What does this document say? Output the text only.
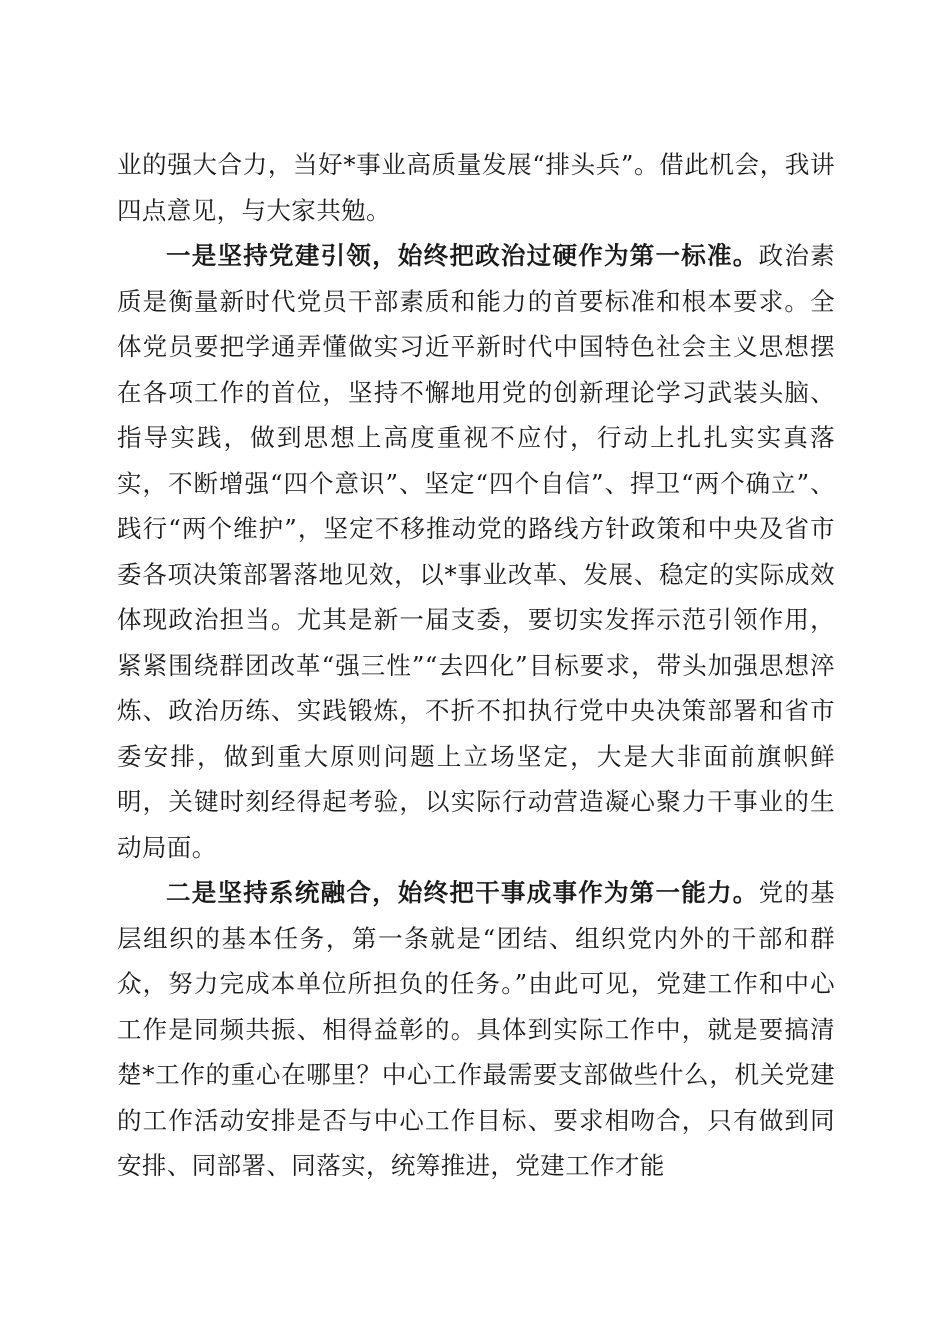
业的强大合力，当好*事业高质量发展“排头兵”。借此机会，我讲四点意见，与大家共勉。

一是坚持党建引领，始终把政治过硬作为第一标准。政治素质是衡量新时代党员干部素质和能力的首要标准和根本要求。全体党员要把学通弄懂做实习近平新时代中国特色社会主义思想摆在各项工作的首位，坚持不懈地用党的创新理论学习武装头脑、指导实践，做到思想上高度重视不应付，行动上扎扎实实真落实，不断增强“四个意识”、坚定“四个自信”、捍卫“两个确立”、践行“两个维护”，坚定不移推动党的路线方针政策和中央及省市委各项决策部署落地见效，以*事业改革、发展、稳定的实际成效体现政治担当。尤其是新一届支委，要切实发挥示范引领作用，紧紧围绕群团改革“强三性”“去四化”目标要求，带头加强思想淬炼、政治历练、实践锻炼，不折不扣执行党中央决策部署和省市委安排，做到重大原则问题上立场坚定，大是大非面前旗帜鲜明，关键时刻经得起考验，以实际行动营造凝心聚力干事业的生动局面。

二是坚持系统融合，始终把干事成事作为第一能力。党的基层组织的基本任务，第一条就是“团结、组织党内外的干部和群众，努力完成本单位所担负的任务。”由此可见，党建工作和中心工作是同频共振、相得益彰的。具体到实际工作中，就是要搞清楚*工作的重心在哪里？中心工作最需要支部做些什么，机关党建的工作活动安排是否与中心工作目标、要求相吻合，只有做到同安排、同部署、同落实，统筹推进，党建工作才能
